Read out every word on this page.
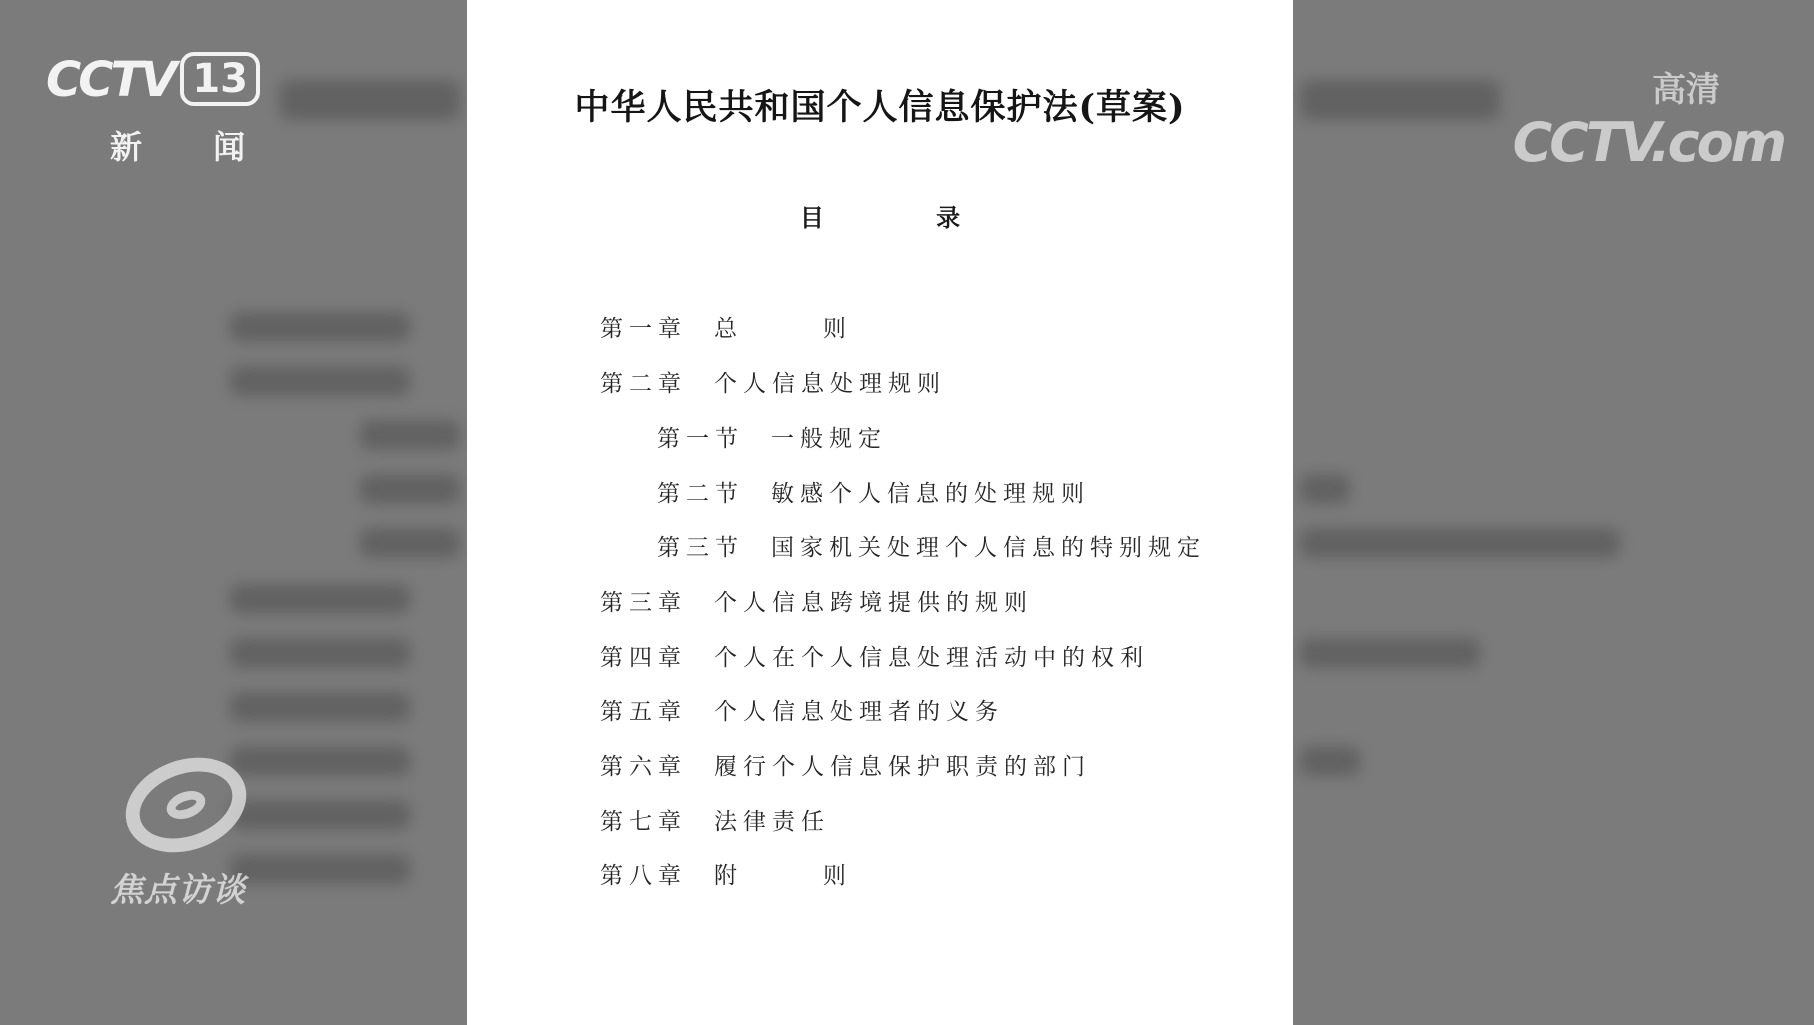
中华人民共和国个人信息保护法(草案)
目 录
第一章 总      则
第二章 个人信息处理规则
第一节 一般规定
第二节 敏感个人信息的处理规则
第三节 国家机关处理个人信息的特别规定
第三章 个人信息跨境提供的规则
第四章 个人在个人信息处理活动中的权利
第五章 个人信息处理者的义务
第六章 履行个人信息保护职责的部门
第七章 法律责任
第八章 附      则
CCTV 13
新 闻
高清
CCTV.com
焦点访谈
